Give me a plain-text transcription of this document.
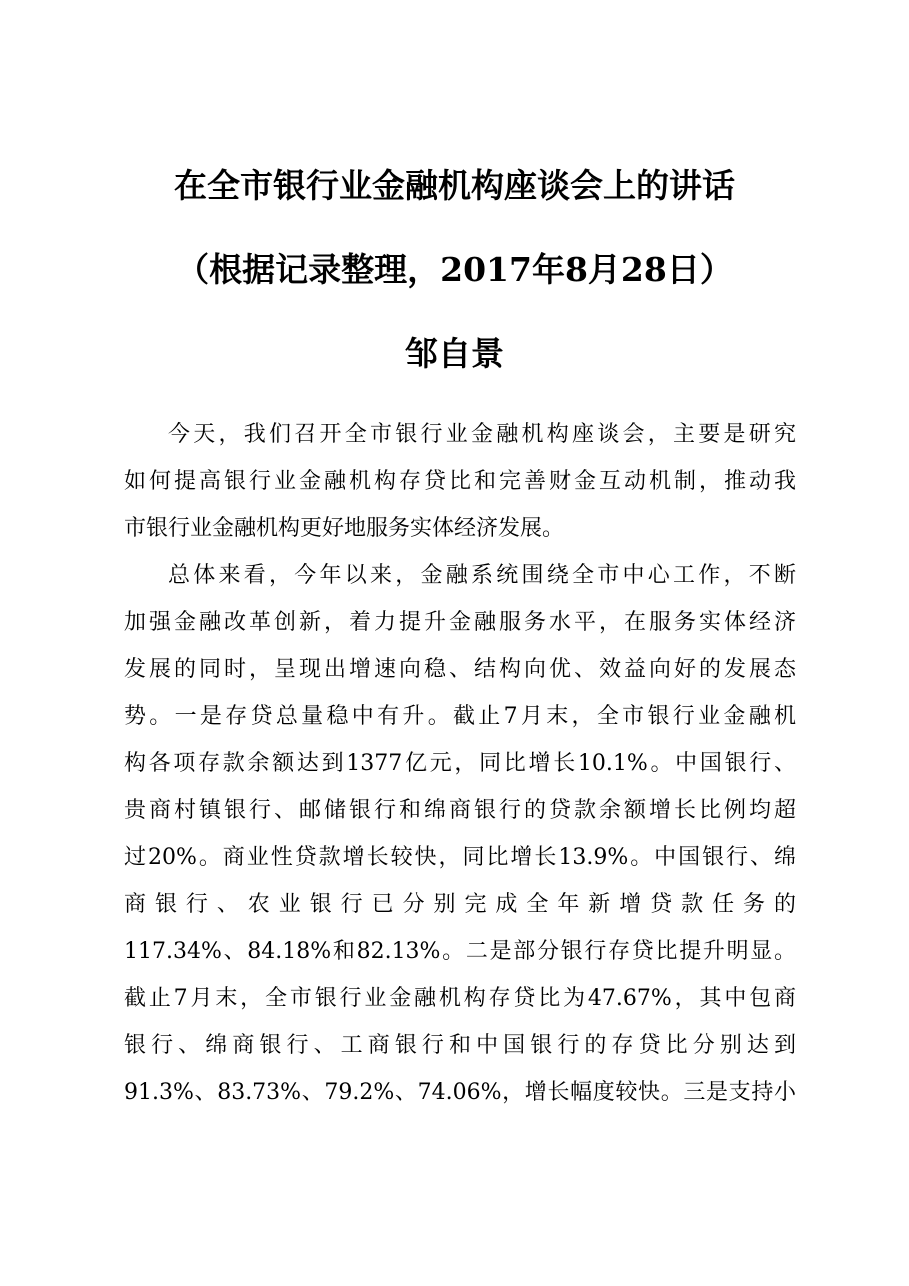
在全市银行业金融机构座谈会上的讲话
（根据记录整理，2017年8月28日）
邹自景
今天，我们召开全市银行业金融机构座谈会，主要是研究
如何提高银行业金融机构存贷比和完善财金互动机制，推动我
市银行业金融机构更好地服务实体经济发展。
总体来看，今年以来，金融系统围绕全市中心工作，不断
加强金融改革创新，着力提升金融服务水平，在服务实体经济
发展的同时，呈现出增速向稳、结构向优、效益向好的发展态
势。一是存贷总量稳中有升。截止7月末，全市银行业金融机
构各项存款余额达到1377亿元，同比增长10.1%。中国银行、
贵商村镇银行、邮储银行和绵商银行的贷款余额增长比例均超
过20%。商业性贷款增长较快，同比增长13.9%。中国银行、绵
商银行、农业银行已分别完成全年新增贷款任务的
117.34%、84.18%和82.13%。二是部分银行存贷比提升明显。
截止7月末，全市银行业金融机构存贷比为47.67%，其中包商
银行、绵商银行、工商银行和中国银行的存贷比分别达到
91.3%、83.73%、79.2%、74.06%，增长幅度较快。三是支持小
